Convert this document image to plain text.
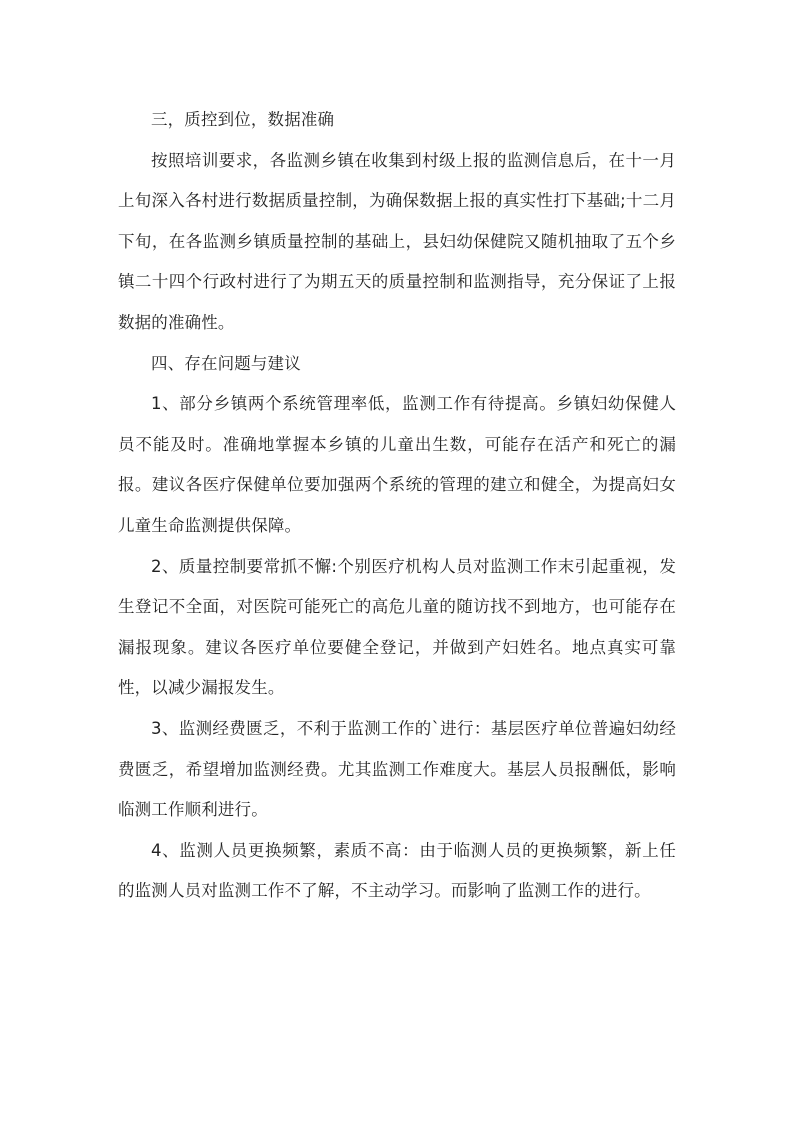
三，质控到位，数据准确

按照培训要求，各监测乡镇在收集到村级上报的监测信息后，在十一月上旬深入各村进行数据质量控制，为确保数据上报的真实性打下基础;十二月下旬，在各监测乡镇质量控制的基础上，县妇幼保健院又随机抽取了五个乡镇二十四个行政村进行了为期五天的质量控制和监测指导，充分保证了上报数据的准确性。

四、存在问题与建议

1、部分乡镇两个系统管理率低，监测工作有待提高。乡镇妇幼保健人员不能及时。准确地掌握本乡镇的儿童出生数，可能存在活产和死亡的漏报。建议各医疗保健单位要加强两个系统的管理的建立和健全，为提高妇女儿童生命监测提供保障。

2、质量控制要常抓不懈:个别医疗机构人员对监测工作末引起重视，发生登记不全面，对医院可能死亡的高危儿童的随访找不到地方，也可能存在漏报现象。建议各医疗单位要健全登记，并做到产妇姓名。地点真实可靠性，以减少漏报发生。

3、监测经费匮乏，不利于监测工作的`进行：基层医疗单位普遍妇幼经费匮乏，希望增加监测经费。尤其监测工作难度大。基层人员报酬低，影响临测工作顺利进行。

4、监测人员更换频繁，素质不高：由于临测人员的更换频繁，新上任的监测人员对监测工作不了解，不主动学习。而影响了监测工作的进行。
